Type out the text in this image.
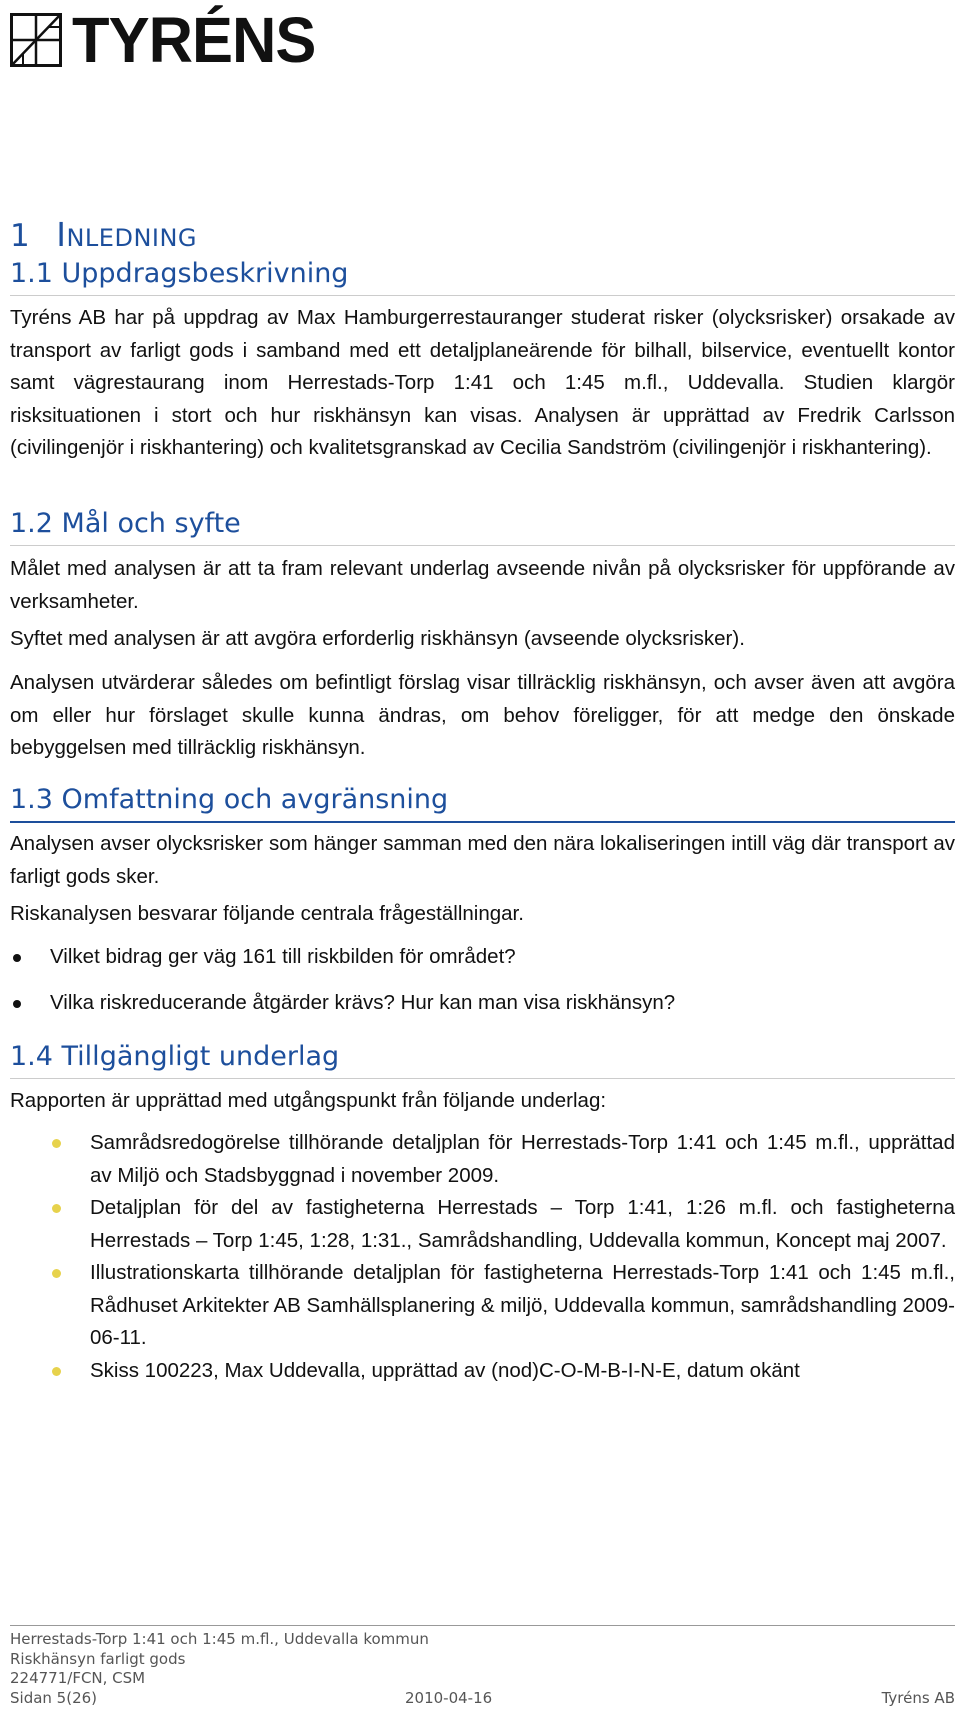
TYRÉNS
1 INLEDNING
1.1 Uppdragsbeskrivning

Tyréns AB har på uppdrag av Max Hamburgerrestauranger studerat risker (olycksrisker) orsakade av transport av farligt gods i samband med ett detaljplaneärende för bilhall, bilservice, eventuellt kontor samt vägrestaurang inom Herrestads-Torp 1:41 och 1:45 m.fl., Uddevalla. Studien klargör risksituationen i stort och hur riskhänsyn kan visas. Analysen är upprättad av Fredrik Carlsson (civilingenjör i riskhantering) och kvalitetsgranskad av Cecilia Sandström (civilingenjör i riskhantering).

1.2 Mål och syfte

Målet med analysen är att ta fram relevant underlag avseende nivån på olycksrisker för uppförande av verksamheter.

Syftet med analysen är att avgöra erforderlig riskhänsyn (avseende olycksrisker).

Analysen utvärderar således om befintligt förslag visar tillräcklig riskhänsyn, och avser även att avgöra om eller hur förslaget skulle kunna ändras, om behov föreligger, för att medge den önskade bebyggelsen med tillräcklig riskhänsyn.

1.3 Omfattning och avgränsning

Analysen avser olycksrisker som hänger samman med den nära lokaliseringen intill väg där transport av farligt gods sker.

Riskanalysen besvarar följande centrala frågeställningar.

Vilket bidrag ger väg 161 till riskbilden för området?
Vilka riskreducerande åtgärder krävs? Hur kan man visa riskhänsyn?
1.4 Tillgängligt underlag

Rapporten är upprättad med utgångspunkt från följande underlag:

Samrådsredogörelse tillhörande detaljplan för Herrestads-Torp 1:41 och 1:45 m.fl., upprättad av Miljö och Stadsbyggnad i november 2009.
Detaljplan för del av fastigheterna Herrestads – Torp 1:41, 1:26 m.fl. och fastigheterna Herrestads – Torp 1:45, 1:28, 1:31., Samrådshandling, Uddevalla kommun, Koncept maj 2007.
Illustrationskarta tillhörande detaljplan för fastigheterna Herrestads-Torp 1:41 och 1:45 m.fl., Rådhuset Arkitekter AB Samhällsplanering & miljö, Uddevalla kommun, samrådshandling 2009-06-11.
Skiss 100223, Max Uddevalla, upprättad av (nod)C-O-M-B-I-N-E, datum okänt
Herrestads-Torp 1:41 och 1:45 m.fl., Uddevalla kommun
Riskhänsyn farligt gods
224771/FCN, CSM
Sidan 5(26)	2010-04-16	Tyréns AB
